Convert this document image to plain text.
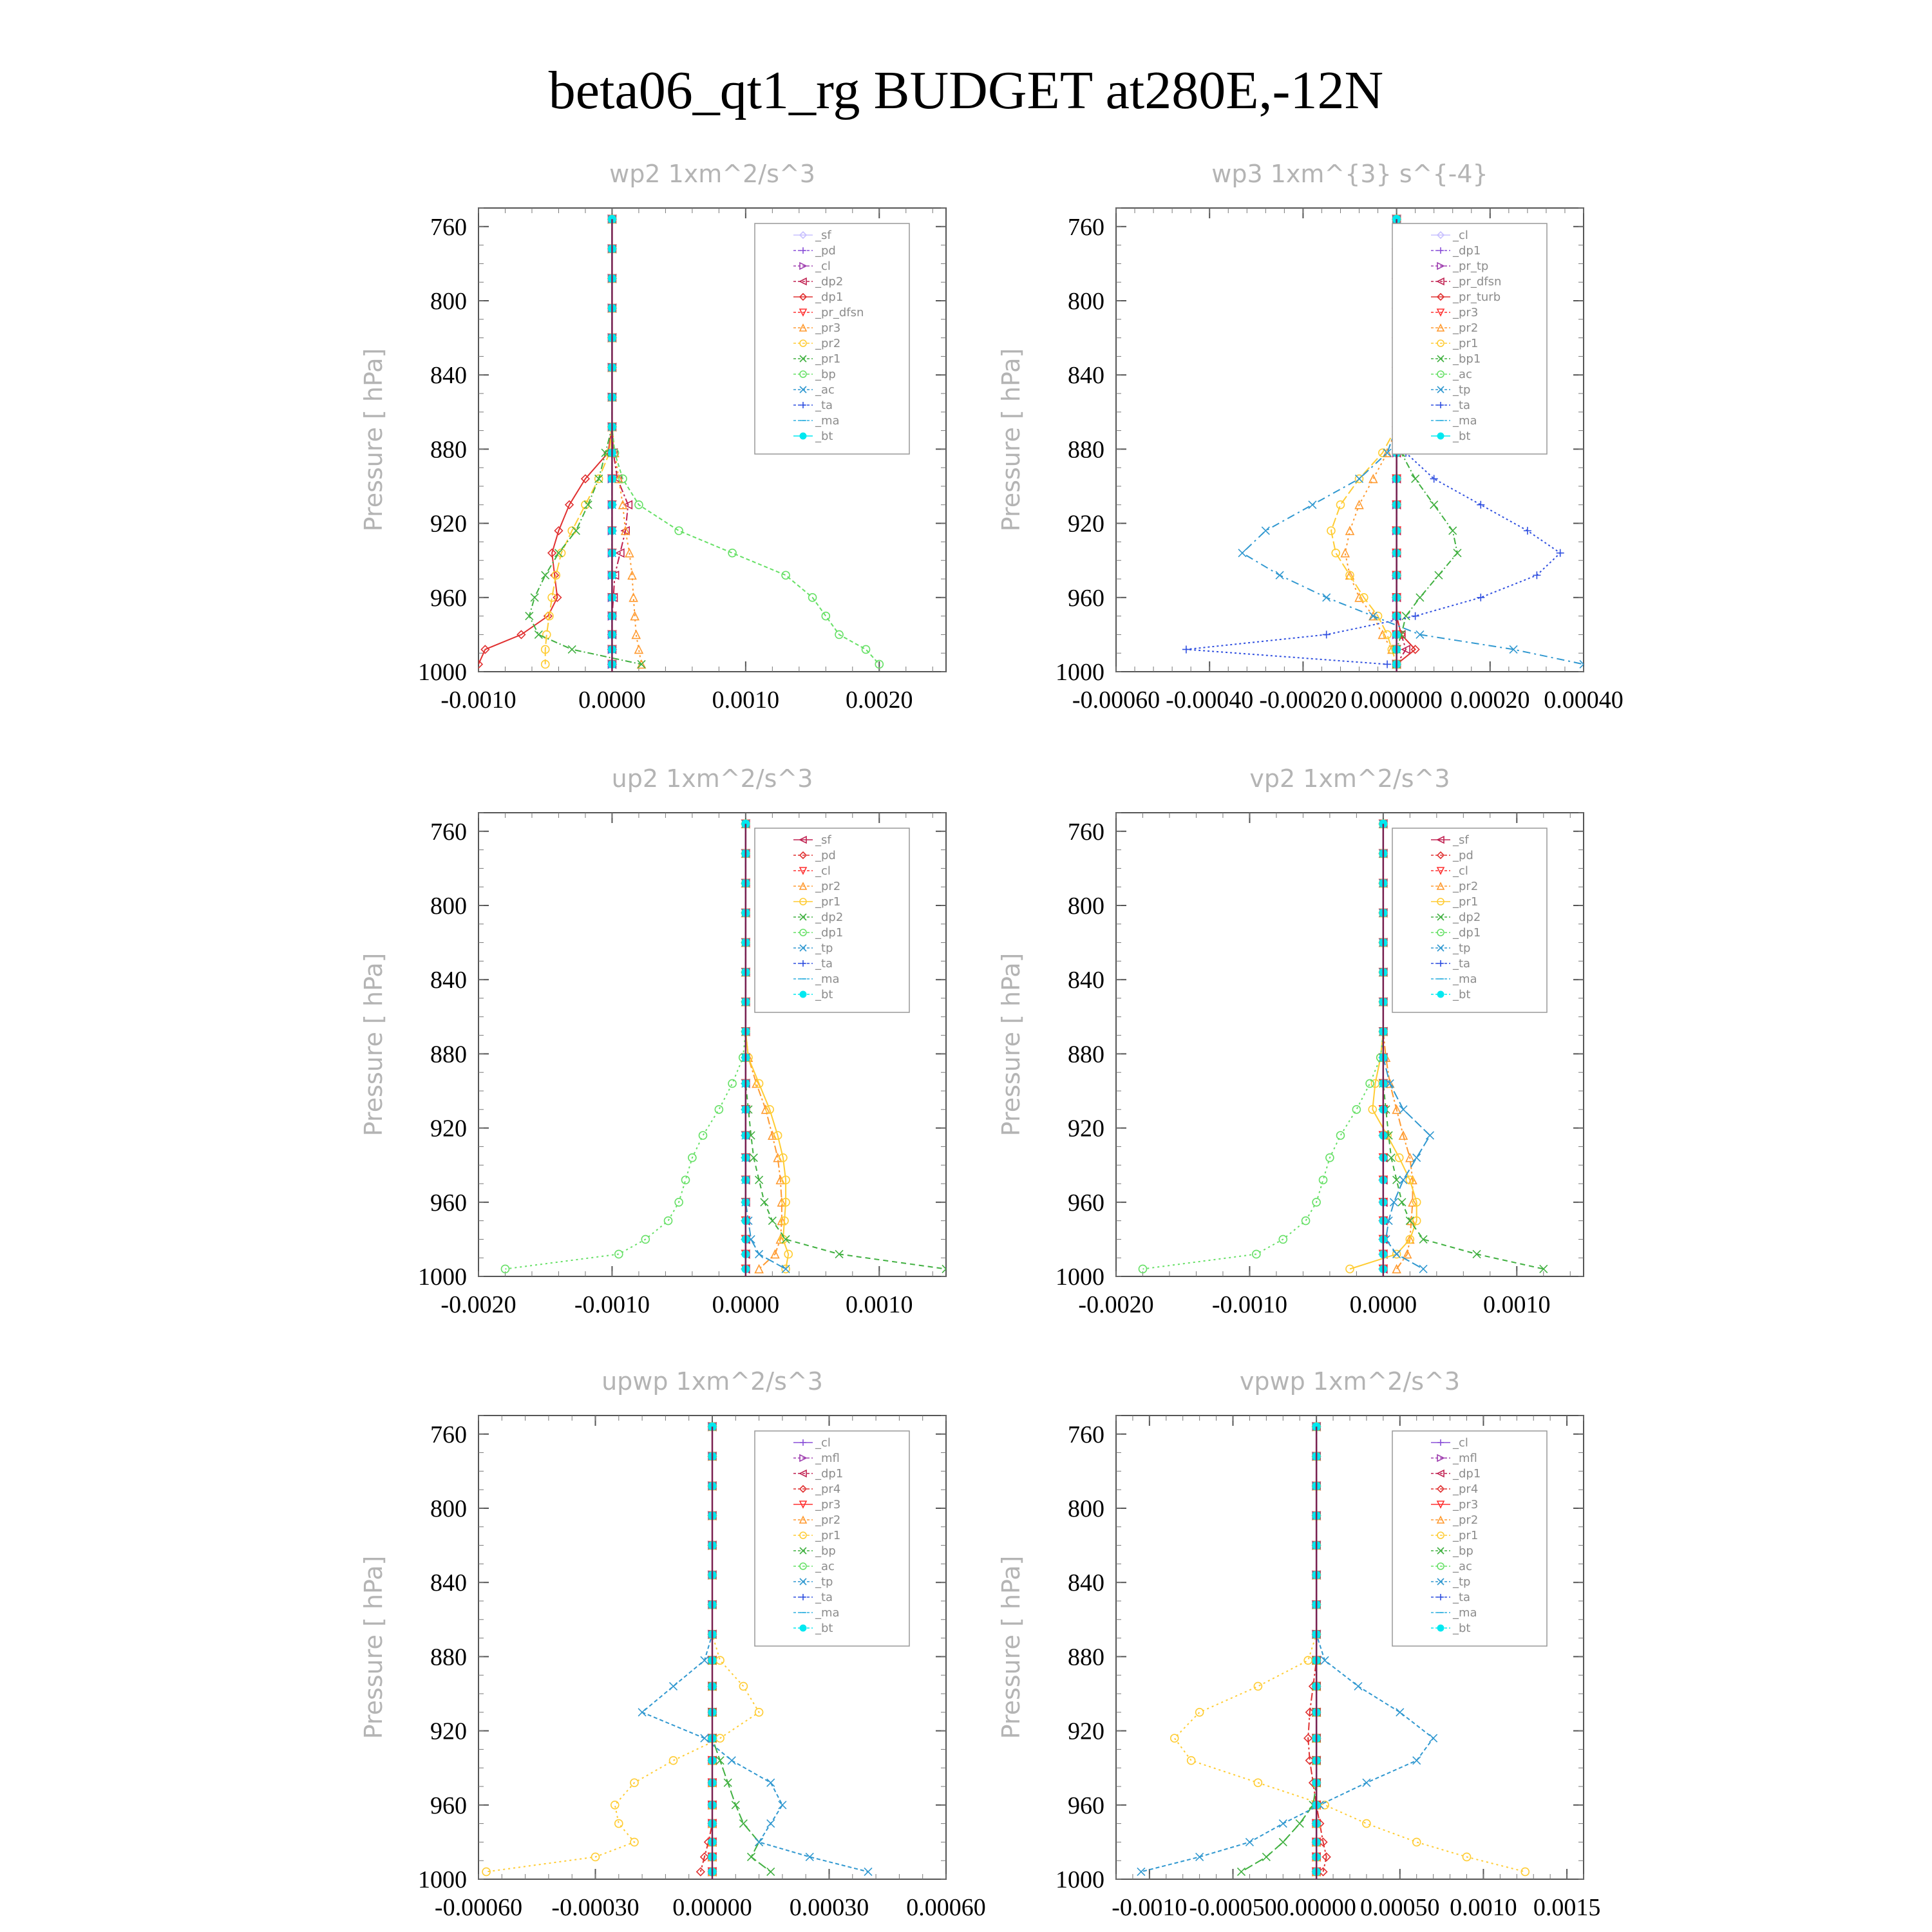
beta06_qt1_rg BUDGET at280E,-12N
wp2 1xm^2/s^3
Pressure [ hPa]
760
800
840
880
920
960
1000
-0.0010	0.0000	0.0010	0.0020
_sf
_pd
_cl
_dp2
_dp1
_pr_dfsn
_pr3
_pr2
_pr1
_bp
_ac
_ta
_ma
_bt
wp3 1xm^{3} s^{-4}
Pressure [ hPa]
760
800
840
880
920
960
1000
-0.00060 -0.00040 -0.00020 0.000000 0.00020 0.00040
_cl
_dp1
_pr_tp
_pr_dfsn
_pr_turb
_pr3
_pr2
_pr1
_bp1
_ac
_tp
_ta
_ma
_bt
up2 1xm^2/s^3
Pressure [ hPa]
760
800
840
880
920
960
1000
-0.0020 -0.0010	0.0000	0.0010
_sf
_pd
_cl
_pr2
_pr1
_dp2
_dp1
_tp
_ta
_ma
_bt
vp2 1xm^2/s^3
Pressure [ hPa]
760
800
840
880
920
960
1000
-0.0020 -0.0010	0.0000	0.0010
_sf
_pd
_cl
_pr2
_pr1
_dp2
_dp1
_tp
_ta
_ma
_bt
upwp 1xm^2/s^3
Pressure [ hPa]
760
800
840
880
920
960
1000
-0.00060 -0.00030 0.00000 0.00030 0.00060
_cl
_mfl
_dp1
_pr4
_pr3
_pr2
_pr1
_bp
_ac
_tp
_ta
_ma
_bt
vpwp 1xm^2/s^3
Pressure [ hPa]
760
800
840
880
920
960
1000
-0.0010 -0.00050 0.00000 0.00050 0.0010 0.0015
_cl
_mfl
_dp1
_pr4
_pr3
_pr2
_pr1
_bp
_ac
_tp
_ta
_ma
_bt
